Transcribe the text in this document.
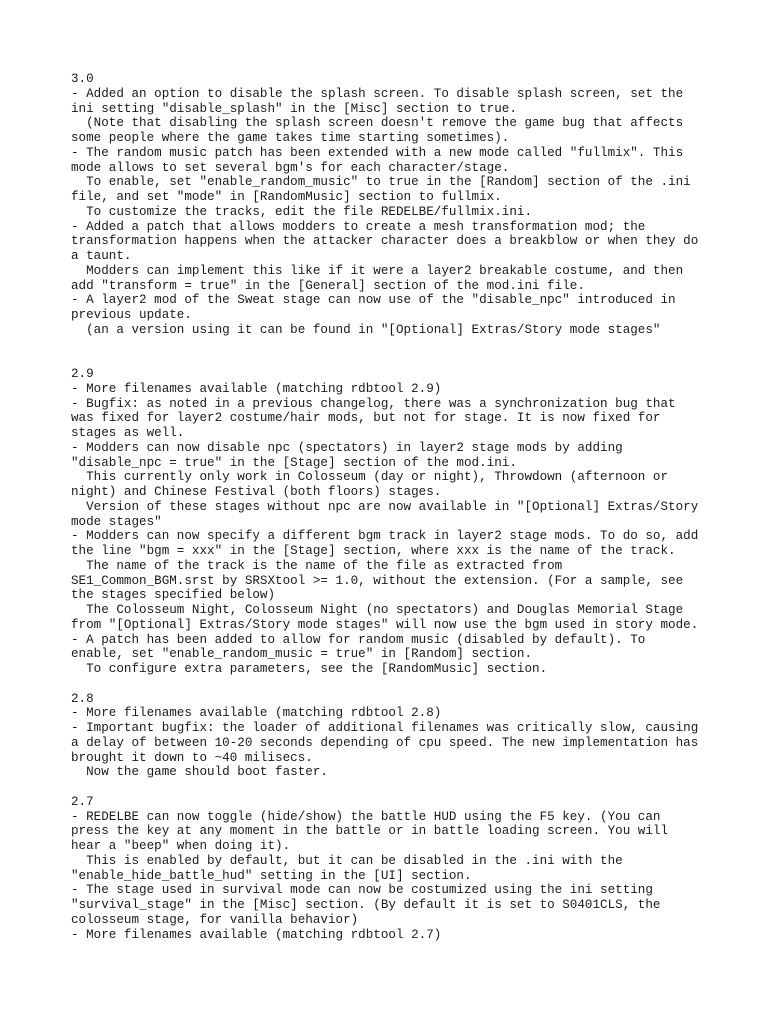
3.0
- Added an option to disable the splash screen. To disable splash screen, set the
ini setting "disable_splash" in the [Misc] section to true.
(Note that disabling the splash screen doesn't remove the game bug that affects
some people where the game takes time starting sometimes).
- The random music patch has been extended with a new mode called "fullmix". This
mode allows to set several bgm's for each character/stage.
To enable, set "enable_random_music" to true in the [Random] section of the .ini
file, and set "mode" in [RandomMusic] section to fullmix.
To customize the tracks, edit the file REDELBE/fullmix.ini.
- Added a patch that allows modders to create a mesh transformation mod; the
transformation happens when the attacker character does a breakblow or when they do
a taunt.
Modders can implement this like if it were a layer2 breakable costume, and then
add "transform = true" in the [General] section of the mod.ini file.
- A layer2 mod of the Sweat stage can now use of the "disable_npc" introduced in
previous update.
(an a version using it can be found in "[Optional] Extras/Story mode stages"
2.9
- More filenames available (matching rdbtool 2.9)
- Bugfix: as noted in a previous changelog, there was a synchronization bug that
was fixed for layer2 costume/hair mods, but not for stage. It is now fixed for
stages as well.
- Modders can now disable npc (spectators) in layer2 stage mods by adding
"disable_npc = true" in the [Stage] section of the mod.ini.
This currently only work in Colosseum (day or night), Throwdown (afternoon or
night) and Chinese Festival (both floors) stages.
Version of these stages without npc are now available in "[Optional] Extras/Story
mode stages"
- Modders can now specify a different bgm track in layer2 stage mods. To do so, add
the line "bgm = xxx" in the [Stage] section, where xxx is the name of the track.
The name of the track is the name of the file as extracted from
SE1_Common_BGM.srst by SRSXtool >= 1.0, without the extension. (For a sample, see
the stages specified below)
The Colosseum Night, Colosseum Night (no spectators) and Douglas Memorial Stage
from "[Optional] Extras/Story mode stages" will now use the bgm used in story mode.
- A patch has been added to allow for random music (disabled by default). To
enable, set "enable_random_music = true" in [Random] section.
To configure extra parameters, see the [RandomMusic] section.
2.8
- More filenames available (matching rdbtool 2.8)
- Important bugfix: the loader of additional filenames was critically slow, causing
a delay of between 10-20 seconds depending of cpu speed. The new implementation has
brought it down to ~40 milisecs.
Now the game should boot faster.
2.7
- REDELBE can now toggle (hide/show) the battle HUD using the F5 key. (You can
press the key at any moment in the battle or in battle loading screen. You will
hear a "beep" when doing it).
This is enabled by default, but it can be disabled in the .ini with the
"enable_hide_battle_hud" setting in the [UI] section.
- The stage used in survival mode can now be costumized using the ini setting
"survival_stage" in the [Misc] section. (By default it is set to S0401CLS, the
colosseum stage, for vanilla behavior)
- More filenames available (matching rdbtool 2.7)
